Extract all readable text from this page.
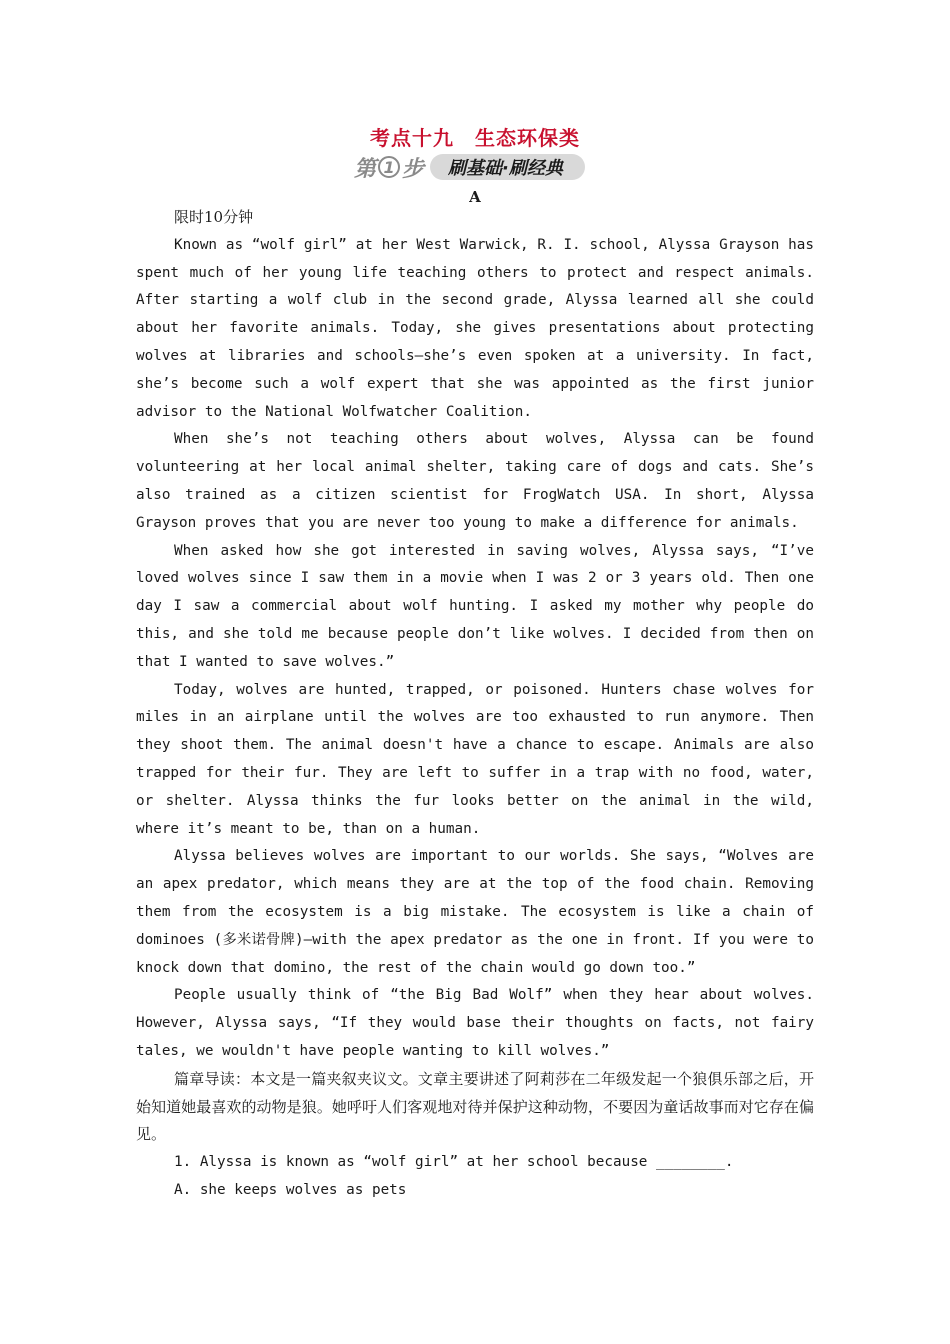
考点十九　生态环保类
第 1 步	刷基础·刷经典
A

限时10分钟

Known as “wolf girl” at her West Warwick, R. I. school, Alyssa Grayson has spent much of her young life teaching others to protect and respect animals. After starting a wolf club in the second grade, Alyssa learned all she could about her favorite animals. Today, she gives presentations about protecting wolves at libraries and schools—she’s even spoken at a university. In fact, she’s become such a wolf expert that she was appointed as the first junior advisor to the National Wolfwatcher Coalition.

When she’s not teaching others about wolves, Alyssa can be found volunteering at her local animal shelter, taking care of dogs and cats. She’s also trained as a citizen scientist for FrogWatch USA. In short, Alyssa Grayson proves that you are never too young to make a difference for animals.

When asked how she got interested in saving wolves, Alyssa says, “I’ve loved wolves since I saw them in a movie when I was 2 or 3 years old. Then one day I saw a commercial about wolf hunting. I asked my mother why people do this, and she told me because people don’t like wolves. I decided from then on that I wanted to save wolves.”

Today, wolves are hunted, trapped, or poisoned. Hunters chase wolves for miles in an airplane until the wolves are too exhausted to run anymore. Then they shoot them. The animal doesn't have a chance to escape. Animals are also trapped for their fur. They are left to suffer in a trap with no food, water, or shelter. Alyssa thinks the fur looks better on the animal in the wild, where it’s meant to be, than on a human.

Alyssa believes wolves are important to our worlds. She says, “Wolves are an apex predator, which means they are at the top of the food chain. Removing them from the ecosystem is a big mistake. The ecosystem is like a chain of dominoes (多米诺骨牌)—with the apex predator as the one in front. If you were to knock down that domino, the rest of the chain would go down too.”

People usually think of “the Big Bad Wolf” when they hear about wolves. However, Alyssa says, “If they would base their thoughts on facts, not fairy tales, we wouldn't have people wanting to kill wolves.”

篇章导读：本文是一篇夹叙夹议文。文章主要讲述了阿莉莎在二年级发起一个狼俱乐部之后，开始知道她最喜欢的动物是狼。她呼吁人们客观地对待并保护这种动物，不要因为童话故事而对它存在偏见。

1. Alyssa is known as “wolf girl” at her school because ________.

A. she keeps wolves as pets
